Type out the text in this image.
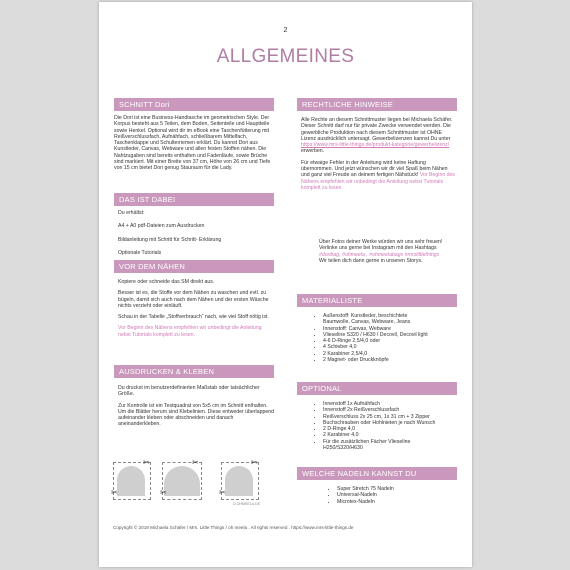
2
ALLGEMEINES
SCHNITT Dori

Die Dori ist eine Business-Handtasche im geometrischen Style. Der Korpus besteht aus 5 Teilen, dem Boden, Seitenteile und Hauptteile sowie Henkel. Optional wird dir im eBook eine Taschenfütterung mit Reißverschlussfach, Aufnähfach, schließbarem Mittelfach, Taschenklappe und Schulterriemen erklärt. Du kannst Dori aus Kunstleder, Canvas, Webware und allen festen Stoffen nähen. Die Nahtzugaben sind bereits enthalten und Fadenläufe, sowie Brüche sind markiert. Mit einer Breite von 37 cm, Höhe von 26 cm und Tiefe von 15 cm bietet Dori genug Stauraum für die Lady.

DAS IST DABEI

Du erhältst:

A4 + A0 pdf-Dateien zum Ausdrucken

Bildanleitung mit Schritt für Schritt- Erklärung

Optionale Tutorials

VOR DEM NÄHEN

Kopiere oder schneide das SM direkt aus.

Besser ist es, die Stoffe vor dem Nähen zu waschen und evtl. zu bügeln, damit sich auch nach dem Nähen und der ersten Wäsche nichts verzieht oder einläuft.

Schau in der Tabelle „Stoffverbrauch“ nach, wie viel Stoff nötig ist.

Vor Beginn des Nähens empfehlen wir unbedingt die Anleitung nebst Tutorials komplett zu lesen.

AUSDRUCKEN & KLEBEN

Du druckst im benutzerdefinierten Maßstab oder tatsächlicher Größe.

Zur Kontrolle ist ein Testquadrat von 5x5 cm im Schnitt enthalten. Um die Blätter herum sind Klebelinien. Diese entweder überlappend aufeinander kleben oder abschneiden und danach aneinanderkleben.

✂
✂
✂
✂
✂
✂
D.OHMEELA.DE
RECHTLICHE HINWEISE

Alle Rechte an diesem Schnittmuster liegen bei Michaela Schäfer. Dieser Schnitt darf nur für private Zwecke verwendet werden. Die gewerbliche Produktion nach diesem Schnittmuster ist OHNE Lizenz ausdrücklich untersagt. Gewerbelizenzen kannst Du unter https://www.mrs-little-things.de/produkt-kategorie/gewerbelizenz/ erwerben.

Für etwaige Fehler in der Anleitung wird keine Haftung übernommen. Und jetzt wünschen wir dir viel Spaß beim Nähen und ganz viel Freude an deinem fertigen Nähstück! Vor Beginn des Nähens empfehlen wir unbedingt die Anleitung nebst Tutorials komplett zu lesen.

Über Fotos deiner Werke würden wir uns sehr freuen!

Verlinke uns gerne bei Instagram mit den Hashtags

#doribag, #ohmeela , #ohmeelabags #mrslittlethings

Wir teilen dich dann gerne in unseren Storys.

MATERIALLISTE
• Außenstoff: Kunstleder, beschichtete Baumwolle, Canvas, Webware, Jeans
• Innenstoff: Canvas, Webware
• Vlieseline S320 / H630 / Decovil, Decovil light
• 4-6 D-Ringe 2,5/4,0 oder
• 4 Schieber 4,0
• 2 Karabiner 2,5/4,0
• 2 Magnet- oder Druckknöpfe
OPTIONAL
• Innenstoff 1x Aufnähfach
• Innenstoff 2x Reißverschlussfach
• Reißverschluss 2x 25 cm, 1x 31 cm + 3 Zipper
• Buchschrauben oder Hohlnieten je nach Wunsch
• 2 D-Ringe 4,0
• 2 Karabiner 4,0
• Für die zusätzlichen Fächer Vlieseline H250/S320/H630
WELCHE NADELN KANNST DU
• Super Stretch 75 Nadeln
• Universal-Nadeln
• Microtex-Nadeln
Copyright © 2019 Michaela Schäfer / Mrs. Little Things / oh meela . All rights reserved . https://www.mrs-little-things.de
